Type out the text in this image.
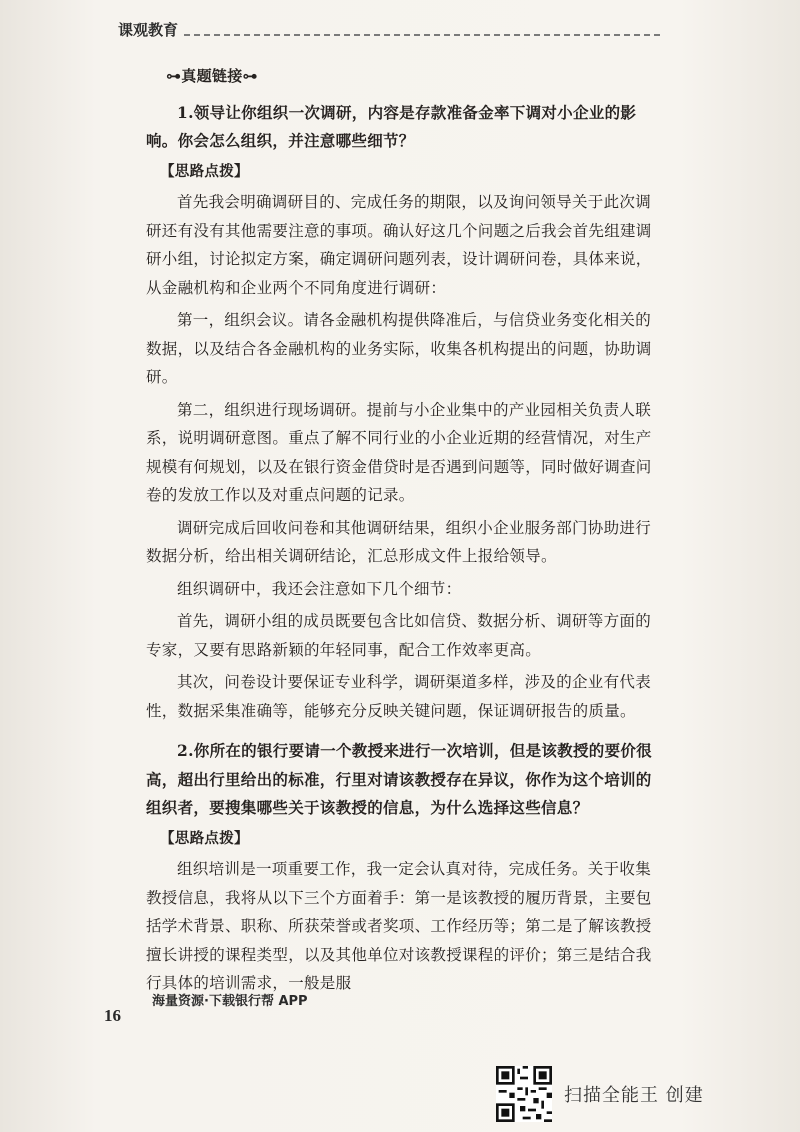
课观教育
⊶真题链接⊶

1.领导让你组织一次调研，内容是存款准备金率下调对小企业的影响。你会怎么组织，并注意哪些细节？

【思路点拨】

首先我会明确调研目的、完成任务的期限，以及询问领导关于此次调研还有没有其他需要注意的事项。确认好这几个问题之后我会首先组建调研小组，讨论拟定方案，确定调研问题列表，设计调研问卷，具体来说，从金融机构和企业两个不同角度进行调研：

第一，组织会议。请各金融机构提供降准后，与信贷业务变化相关的数据，以及结合各金融机构的业务实际，收集各机构提出的问题，协助调研。

第二，组织进行现场调研。提前与小企业集中的产业园相关负责人联系，说明调研意图。重点了解不同行业的小企业近期的经营情况，对生产规模有何规划，以及在银行资金借贷时是否遇到问题等，同时做好调查问卷的发放工作以及对重点问题的记录。

调研完成后回收问卷和其他调研结果，组织小企业服务部门协助进行数据分析，给出相关调研结论，汇总形成文件上报给领导。

组织调研中，我还会注意如下几个细节：

首先，调研小组的成员既要包含比如信贷、数据分析、调研等方面的专家，又要有思路新颖的年轻同事，配合工作效率更高。

其次，问卷设计要保证专业科学，调研渠道多样，涉及的企业有代表性，数据采集准确等，能够充分反映关键问题，保证调研报告的质量。

2.你所在的银行要请一个教授来进行一次培训，但是该教授的要价很高，超出行里给出的标准，行里对请该教授存在异议，你作为这个培训的组织者，要搜集哪些关于该教授的信息，为什么选择这些信息？

【思路点拨】

组织培训是一项重要工作，我一定会认真对待，完成任务。关于收集教授信息，我将从以下三个方面着手：第一是该教授的履历背景，主要包括学术背景、职称、所获荣誉或者奖项、工作经历等；第二是了解该教授擅长讲授的课程类型，以及其他单位对该教授课程的评价；第三是结合我行具体的培训需求，一般是服

海量资源·下载银行帮 APP
16
扫描全能王 创建
